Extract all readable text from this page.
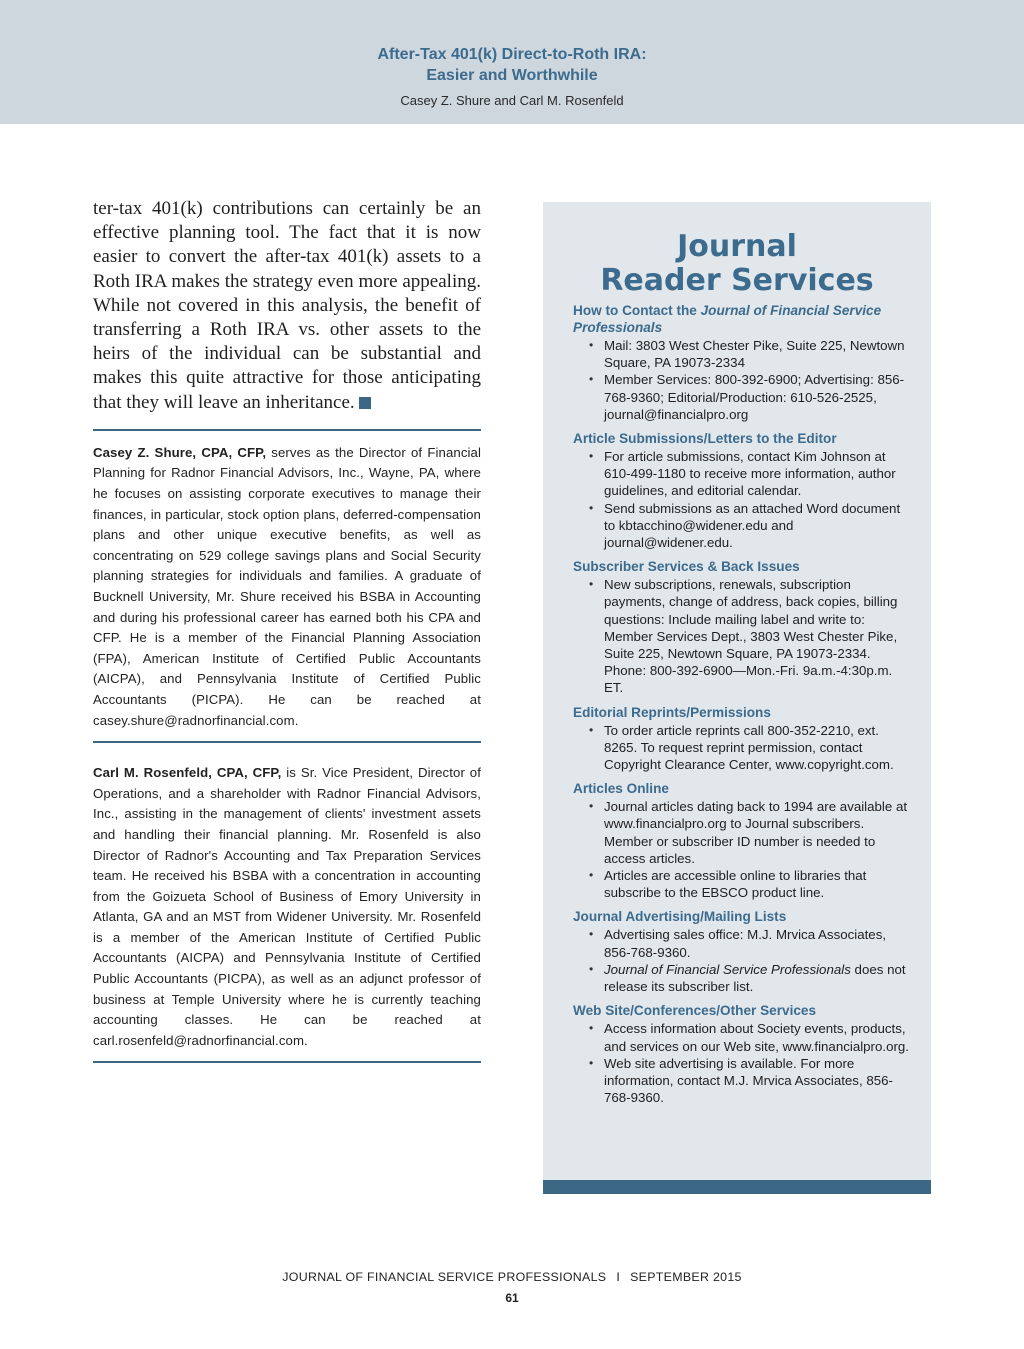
After-Tax 401(k) Direct-to-Roth IRA:
Easier and Worthwhile
Casey Z. Shure and Carl M. Rosenfeld

ter-tax 401(k) contributions can certainly be an effective planning tool. The fact that it is now easier to convert the after-tax 401(k) assets to a Roth IRA makes the strategy even more appealing. While not covered in this analysis, the benefit of transferring a Roth IRA vs. other assets to the heirs of the individual can be substantial and makes this quite attractive for those anticipating that they will leave an inheritance.

Casey Z. Shure, CPA, CFP, serves as the Director of Financial Planning for Radnor Financial Advisors, Inc., Wayne, PA, where he focuses on assisting corporate executives to manage their finances, in particular, stock option plans, deferred-compensation plans and other unique executive benefits, as well as concentrating on 529 college savings plans and Social Security planning strategies for individuals and families. A graduate of Bucknell University, Mr. Shure received his BSBA in Accounting and during his professional career has earned both his CPA and CFP. He is a member of the Financial Planning Association (FPA), American Institute of Certified Public Accountants (AICPA), and Pennsylvania Institute of Certified Public Accountants (PICPA). He can be reached at casey.shure@radnorfinancial.com.

Carl M. Rosenfeld, CPA, CFP, is Sr. Vice President, Director of Operations, and a shareholder with Radnor Financial Advisors, Inc., assisting in the management of clients' investment assets and handling their financial planning. Mr. Rosenfeld is also Director of Radnor's Accounting and Tax Preparation Services team. He received his BSBA with a concentration in accounting from the Goizueta School of Business of Emory University in Atlanta, GA and an MST from Widener University. Mr. Rosenfeld is a member of the American Institute of Certified Public Accountants (AICPA) and Pennsylvania Institute of Certified Public Accountants (PICPA), as well as an adjunct professor of business at Temple University where he is currently teaching accounting classes. He can be reached at carl.rosenfeld@radnorfinancial.com.

Journal
Reader Services
How to Contact the Journal of Financial Service Professionals
• Mail: 3803 West Chester Pike, Suite 225, Newtown Square, PA 19073-2334
• Member Services: 800-392-6900; Advertising: 856-768-9360; Editorial/Production: 610-526-2525, journal@financialpro.org
Article Submissions/Letters to the Editor
• For article submissions, contact Kim Johnson at 610-499-1180 to receive more information, author guidelines, and editorial calendar.
• Send submissions as an attached Word document to kbtacchino@widener.edu and journal@widener.edu.
Subscriber Services & Back Issues
• New subscriptions, renewals, subscription payments, change of address, back copies, billing questions: Include mailing label and write to: Member Services Dept., 3803 West Chester Pike, Suite 225, Newtown Square, PA 19073-2334. Phone: 800-392-6900—Mon.-Fri. 9a.m.-4:30p.m. ET.
Editorial Reprints/Permissions
• To order article reprints call 800-352-2210, ext. 8265. To request reprint permission, contact Copyright Clearance Center, www.copyright.com.
Articles Online
• Journal articles dating back to 1994 are available at www.financialpro.org to Journal subscribers. Member or subscriber ID number is needed to access articles.
• Articles are accessible online to libraries that subscribe to the EBSCO product line.
Journal Advertising/Mailing Lists
• Advertising sales office: M.J. Mrvica Associates, 856-768-9360.
• Journal of Financial Service Professionals does not release its subscriber list.
Web Site/Conferences/Other Services
• Access information about Society events, products, and services on our Web site, www.financialpro.org.
• Web site advertising is available. For more information, contact M.J. Mrvica Associates, 856-768-9360.
JOURNAL OF FINANCIAL SERVICE PROFESSIONALS I SEPTEMBER 2015
61
